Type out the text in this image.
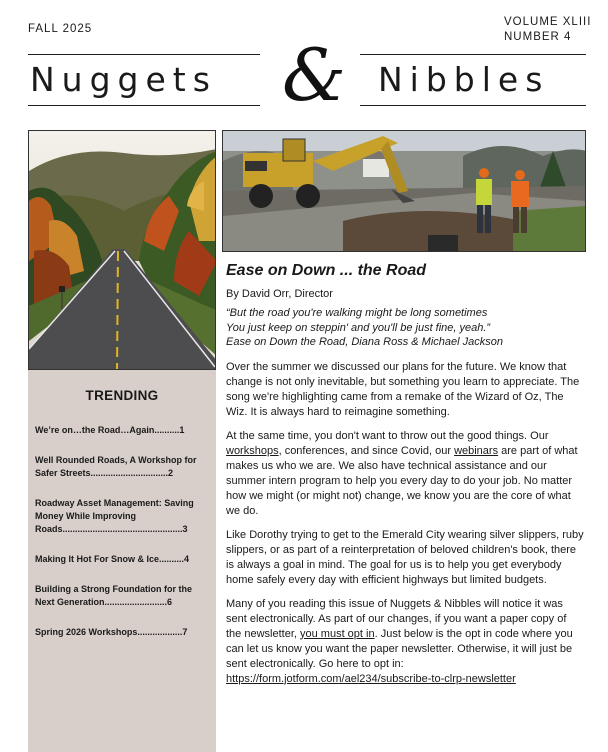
FALL 2025
VOLUME XLIII
NUMBER 4
Nuggets & Nibbles
TRENDING
We’re on…the Road…Again..........1
Well Rounded Roads, A Workshop for Safer Streets...............................2
Roadway Asset Management: Saving Money While Improving Roads................................................3
Making It Hot For Snow & Ice..........4
Building a Strong Foundation for the Next Generation.........................6
Spring 2026 Workshops..................7
Ease on Down ... the Road
By David Orr, Director
“But the road you're walking might be long sometimes
You just keep on steppin' and you'll be just fine, yeah.”
Ease on Down the Road, Diana Ross & Michael Jackson

Over the summer we discussed our plans for the future. We know that change is not only inevitable, but something you learn to appreciate. The song we're highlighting came from a remake of the Wizard of Oz, The Wiz. It is always hard to reimagine something.

At the same time, you don't want to throw out the good things. Our workshops, conferences, and since Covid, our webinars are part of what makes us who we are. We also have technical assistance and our summer intern program to help you every day to do your job. No matter how we might (or might not) change, we know you are the core of what we do.

Like Dorothy trying to get to the Emerald City wearing silver slippers, ruby slippers, or as part of a reinterpretation of beloved children's book, there is always a goal in mind. The goal for us is to help you get everybody home safely every day with efficient highways but limited budgets.

Many of you reading this issue of Nuggets & Nibbles will notice it was sent electronically. As part of our changes, if you want a paper copy of the newsletter, you must opt in. Just below is the opt in code where you can let us know you want the paper newsletter. Otherwise, it will just be sent electronically. Go here to opt in: https://form.jotform.com/ael234/subscribe-to-clrp-newsletter
